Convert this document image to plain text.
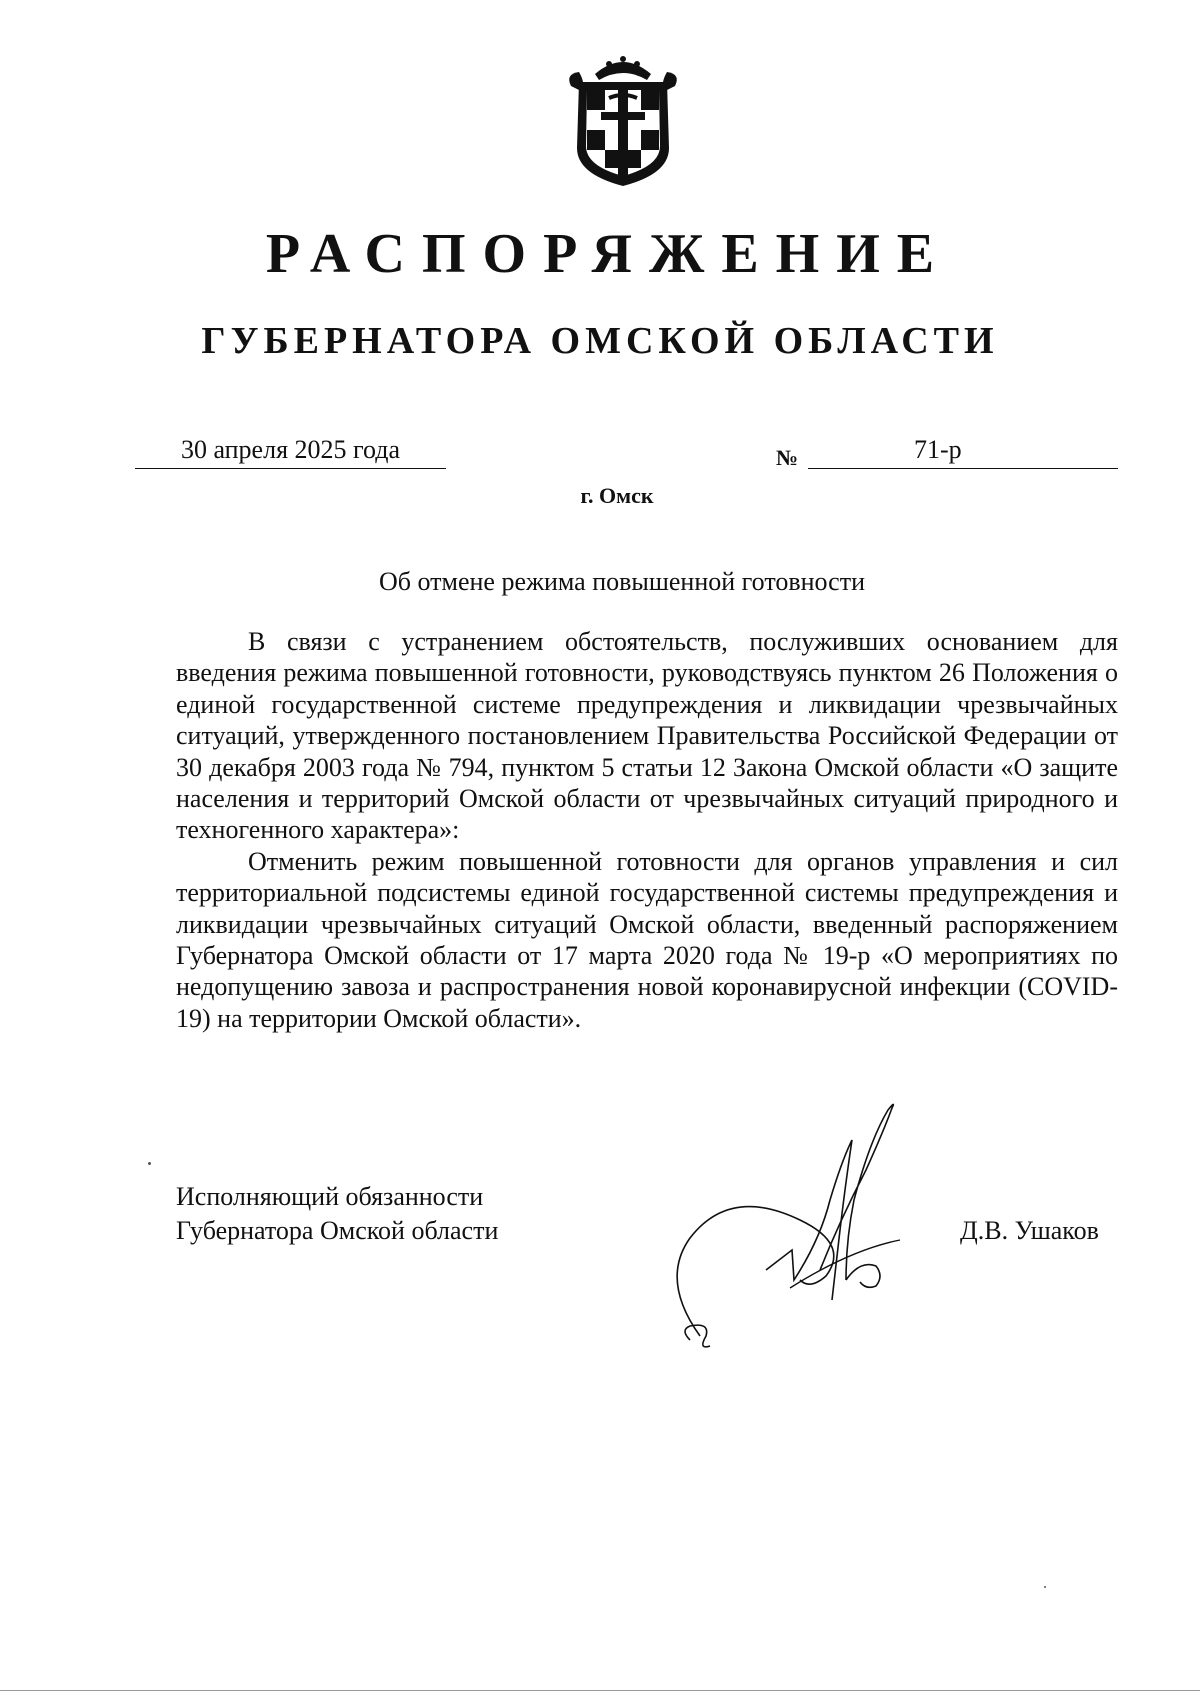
РАСПОРЯЖЕНИЕ
ГУБЕРНАТОРА ОМСКОЙ ОБЛАСТИ
30 апреля 2025 года	№	71-р
г. Омск
Об отмене режима повышенной готовности

В связи с устранением обстоятельств, послуживших основанием для введения режима повышенной готовности, руководствуясь пунктом 26 Положения о единой государственной системе предупреждения и ликвидации чрезвычайных ситуаций, утвержденного постановлением Правительства Российской Федерации от 30 декабря 2003 года № 794, пунктом 5 статьи 12 Закона Омской области «О защите населения и территорий Омской области от чрезвычайных ситуаций природного и техногенного характера»:

Отменить режим повышенной готовности для органов управления и сил территориальной подсистемы единой государственной системы предупреждения и ликвидации чрезвычайных ситуаций Омской области, введенный распоряжением Губернатора Омской области от 17 марта 2020 года № 19-р «О мероприятиях по недопущению завоза и распространения новой коронавирусной инфекции (COVID-19) на территории Омской области».

Исполняющий обязанности
Губернатора Омской области	Д.В. Ушаков
